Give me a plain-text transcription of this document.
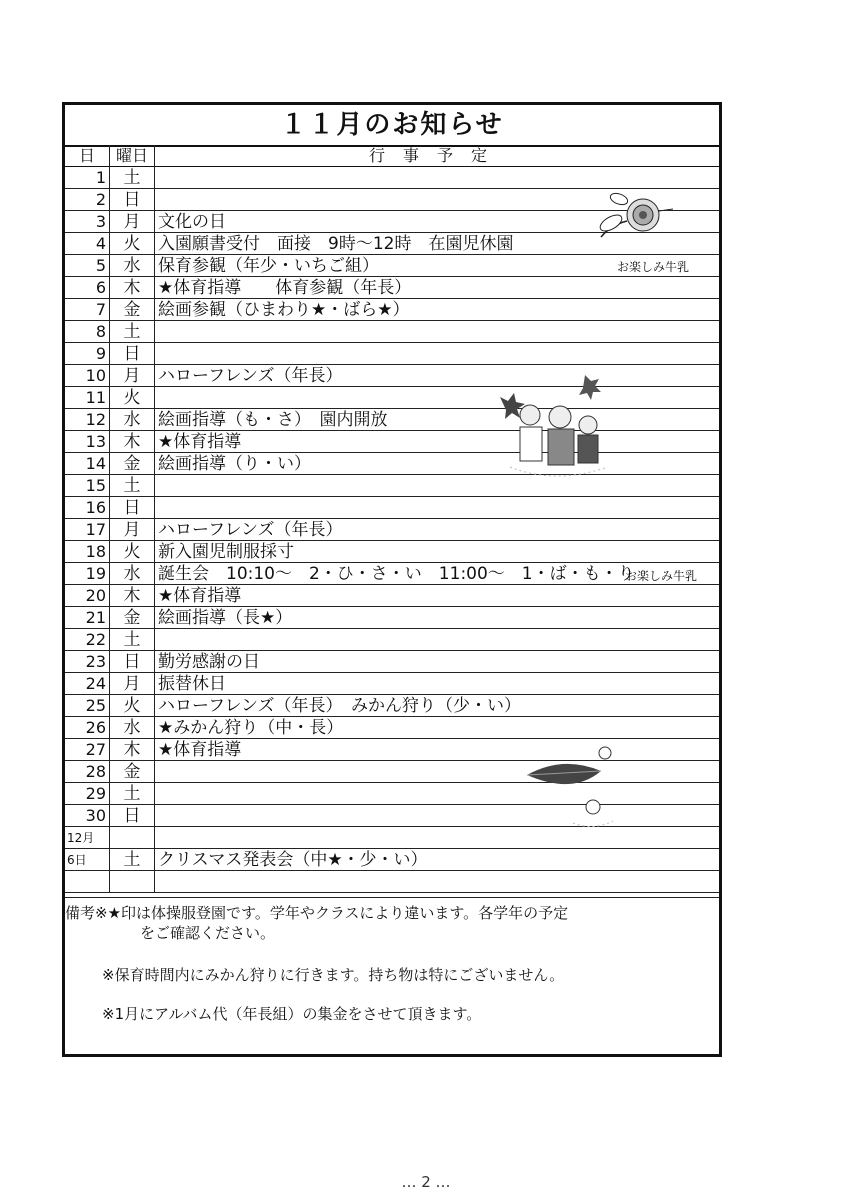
１１月のお知らせ
日	曜日	行事予定
1	土
2	日
3	月	文化の日
4	火	入園願書受付　面接　9時～12時　在園児休園
5	水	保育参観（年少・いちご組）
6	木	★体育指導　　体育参観（年長）
7	金	絵画参観（ひまわり★・ばら★）
8	土
9	日
10	月	ハローフレンズ（年長）
11	火
12	水	絵画指導（も・さ）　園内開放
13	木	★体育指導
14	金	絵画指導（り・い）
15	土
16	日
17	月	ハローフレンズ（年長）
18	火	新入園児制服採寸
19	水	誕生会　10:10～　2・ひ・さ・い　11:00～　1・ば・も・り
20	木	★体育指導
21	金	絵画指導（長★）
22	土
23	日	勤労感謝の日
24	月	振替休日
25	火	ハローフレンズ（年長）　みかん狩り（少・い）
26	水	★みかん狩り（中・長）
27	木	★体育指導
28	金
29	土
30	日
12月
6日	土	クリスマス発表会（中★・少・い）
お楽しみ牛乳
お楽しみ牛乳
備考※★印は体操服登園です。学年やクラスにより違います。各学年の予定
をご確認ください。
※保育時間内にみかん狩りに行きます。持ち物は特にございません。
※1月にアルバム代（年長組）の集金をさせて頂きます。
… 2 …
